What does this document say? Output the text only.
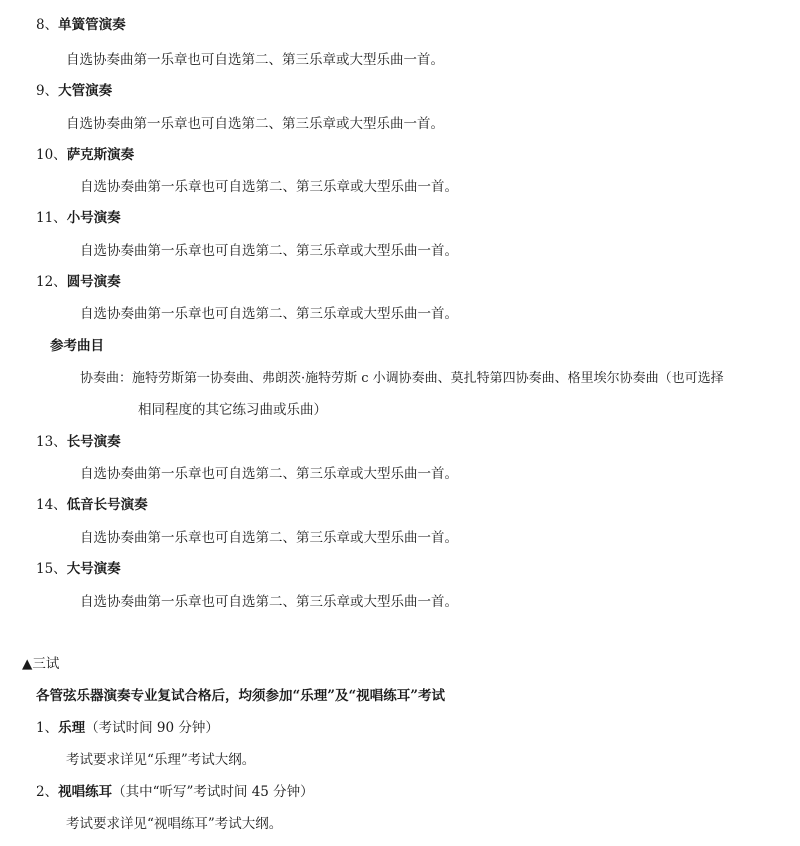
8、单簧管演奏
自选协奏曲第一乐章也可自选第二、第三乐章或大型乐曲一首。
9、大管演奏
自选协奏曲第一乐章也可自选第二、第三乐章或大型乐曲一首。
10、萨克斯演奏
自选协奏曲第一乐章也可自选第二、第三乐章或大型乐曲一首。
11、小号演奏
自选协奏曲第一乐章也可自选第二、第三乐章或大型乐曲一首。
12、圆号演奏
自选协奏曲第一乐章也可自选第二、第三乐章或大型乐曲一首。
参考曲目
协奏曲：施特劳斯第一协奏曲、弗朗茨·施特劳斯 c 小调协奏曲、莫扎特第四协奏曲、格里埃尔协奏曲（也可选择
相同程度的其它练习曲或乐曲）
13、长号演奏
自选协奏曲第一乐章也可自选第二、第三乐章或大型乐曲一首。
14、低音长号演奏
自选协奏曲第一乐章也可自选第二、第三乐章或大型乐曲一首。
15、大号演奏
自选协奏曲第一乐章也可自选第二、第三乐章或大型乐曲一首。
▲三试
各管弦乐器演奏专业复试合格后，均须参加“乐理”及“视唱练耳”考试
1、乐理（考试时间 90 分钟）
考试要求详见“乐理”考试大纲。
2、视唱练耳（其中“听写”考试时间 45 分钟）
考试要求详见“视唱练耳”考试大纲。
